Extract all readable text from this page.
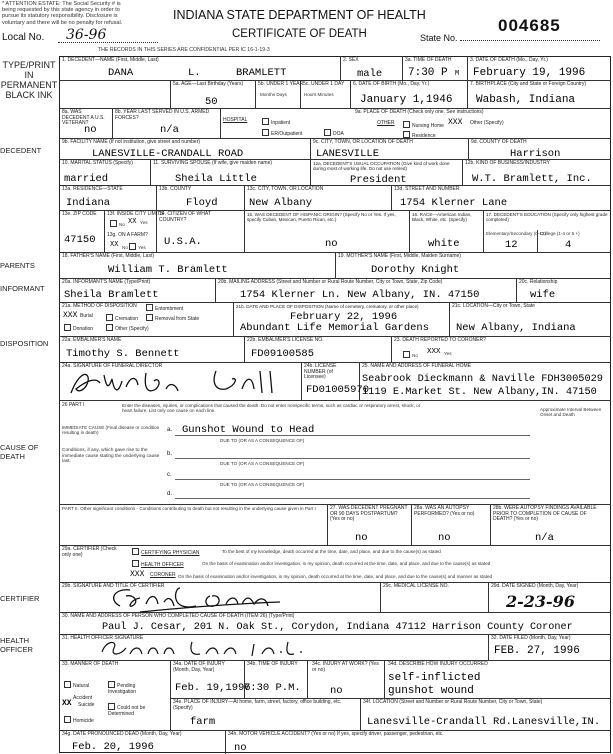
* ATTENTION ESTATE: The Social Security # is
being requested by this state agency in order to
pursue its statutory responsibility. Disclosure is
voluntary and there will be no penalty for refusal.
Local No. 36-96
INDIANA STATE DEPARTMENT OF HEALTH
CERTIFICATE OF DEATH	State No.
004685
THE RECORDS IN THIS SERIES ARE CONFIDENTIAL PER IC 16-1-19-3
TYPE/PRINT
IN
PERMANENT
BLACK INK
DECEDENT
PARENTS
INFORMANT
DISPOSITION
CAUSE OF
DEATH
CERTIFIER
HEALTH
OFFICER
1. DECEDENT—NAME (First, Middle, Last)
DANA	L.	BRAMLETT
2. SEX
male
3a. TIME OF DEATH
7:30 P M
3. DATE OF DEATH (Mo., Day, Yr.)
February 19, 1996
5a. AGE—Last Birthday (Years)
50
5b. UNDER 1 YEAR
Months Days
5c. UNDER 1 DAY
Hours Minutes
6. DATE OF BIRTH (Mo., Day, Yr.)
January 1,1946
7. BIRTHPLACE (City and State or Foreign Country)
Wabash, Indiana
8a. WAS DECEDENT A U.S. VETERAN?
no
8b. YEAR LAST SERVED IN U.S. ARMED FORCES?
n/a
9a. PLACE OF DEATH (Check only one. See instructions)
HOSPITAL	Inpatient
ER/Outpatient	DOA
OTHER	Nursing Home XXX Other (Specify)
Residence
9b. FACILITY NAME (If not institution, give street and number)
LANESVILLE-CRANDALL ROAD
9c. CITY, TOWN, OR LOCATION OF DEATH
LANESVILLE
9d. COUNTY OF DEATH
Harrison
10. MARITAL STATUS (Specify)
married
11. SURVIVING SPOUSE (If wife, give maiden name)
Sheila Little
12a. DECEDENT'S USUAL OCCUPATION (Give kind of work done during most of working life. Do not use retired)
President
12b. KIND OF BUSINESS/INDUSTRY
W.T. Bramlett, Inc.
13a. RESIDENCE—STATE
Indiana
13b. COUNTY
Floyd
13c. CITY, TOWN, OR LOCATION
New Albany
13d. STREET AND NUMBER
1754 Klerner Lane
13e. ZIP CODE
47150
13f. INSIDE CITY LIMITS
No XX Yes
13g. ON A FARM?
XX No Yes
14. CITIZEN OF WHAT COUNTRY?
U.S.A.
15. WAS DECEDENT OF HISPANIC ORIGIN? (Specify No or Yes. If yes, specify Cuban, Mexican, Puerto Rican, etc.)
no
16. RACE—American Indian, Black, White, etc. (Specify)
white
17. DECEDENT'S EDUCATION (Specify only highest grade completed)
Elementary/Secondary (0-12)
College (1-4 or 5 +)
12	4
18. FATHER'S NAME (First, Middle, Last)
William T. Bramlett
19. MOTHER'S NAME (First, Middle, Maiden Surname)
Dorothy Knight
20a. INFORMANT'S NAME (Type/Print)
Sheila Bramlett
20b. MAILING ADDRESS (Street and Number or Rural Route Number, City or Town, State, Zip Code)
1754 Klerner Ln. New Albany, IN. 47150
20c. Relationship
wife
21a. METHOD OF DISPOSITION	Entombment
XXX Burial	Cremation	Removal from State
Donation	Other (Specify)
21b. DATE AND PLACE OF DISPOSITION (Name of cemetery, crematory, or other place)
February 22, 1996
Abundant Life Memorial Gardens
21c. LOCATION—City or Town, State
New Albany, Indiana
22a. EMBALMER'S NAME
Timothy S. Bennett
22b. EMBALMER'S LICENSE NO.
FD09100585
23. DEATH REPORTED TO CORONER?
No XXX Yes
24a. SIGNATURE OF FUNERAL DIRECTOR	24b. LICENSE NUMBER (of Licensee)
FD01005970
25. NAME AND ADDRESS OF FUNERAL HOME
Seabrook Dieckmann & Naville FDH3005029
1119 E.Market St. New Albany,IN. 47150
26 PART I	Enter the diseases, injuries, or complications that caused the death. Do not enter nonspecific terms, such as cardiac or respiratory arrest, shock, or heart failure. List only one cause on each line.	Approximate Interval Between Onset and Death
IMMEDIATE CAUSE (Final disease or condition resulting in death)	a. Gunshot Wound to Head
DUE TO (OR AS A CONSEQUENCE OF)
Conditions, if any, which gave rise to the immediate cause stating the underlying cause last.
b.
DUE TO (OR AS A CONSEQUENCE OF)
c.
DUE TO (OR AS A CONSEQUENCE OF)
d.
PART II. Other significant conditions - Conditions contributing to death but not resulting in the underlying cause given in Part I	27. WAS DECEDENT PREGNANT OR 90 DAYS POSTPARTUM? (Yes or no)
no
28a. WAS AN AUTOPSY PERFORMED? (Yes or no)
no
28b. WERE AUTOPSY FINDINGS AVAILABLE PRIOR TO COMPLETION OF CAUSE OF DEATH? (Yes or no)
n/a
29a. CERTIFIER (Check only one)	CERTIFYING PHYSICIAN	To the best of my knowledge, death occurred at the time, date, and place, and due to the cause(s) as stated
HEALTH OFFICER	On the basis of examination and/or investigation, in my opinion, death occurred at the time, date, and place, and due to the cause(s) as stated
XXX CORONER On the basis of examination and/or investigation, in my opinion, death occurred at the time, date, and place, and due to the cause(s) and manner as stated
29b. SIGNATURE AND TITLE OF CERTIFIER	29c. MEDICAL LICENSE NO.	29d. DATE SIGNED (Month, Day, Year)
2-23-96
30. NAME AND ADDRESS OF PERSON WHO COMPLETED CAUSE OF DEATH (ITEM 26) (Type/Print)
Paul J. Cesar, 201 N. Oak St., Corydon, Indiana 47112 Harrison County Coroner
31. HEALTH OFFICER SIGNATURE	32. DATE FILED (Month, Day, Year)
FEB. 27, 1996
33. MANNER OF DEATH
Natural	Pending Investigation
Accident
XX Suicide	Could not be Determined
Homicide
34a. DATE OF INJURY (Month, Day, Year)
Feb. 19,1996
34b. TIME OF INJURY
7:30 P.M.
34c. INJURY AT WORK? (Yes or no)
no
34d. DESCRIBE HOW INJURY OCCURRED
self-inflicted
gunshot wound
34e. PLACE OF INJURY—At home, farm, street, factory, office building, etc. (Specify)
farm
34f. LOCATION (Street and Number or Rural Route Number, City or Town, State)
Lanesville-Crandall Rd.Lanesville,IN.
34g. DATE PRONOUNCED DEAD (Month, Day, Year)
Feb. 20, 1996
34h. MOTOR VEHICLE ACCIDENT? (Yes or no) If yes, specify driver, passenger, pedestrian, etc.
no
